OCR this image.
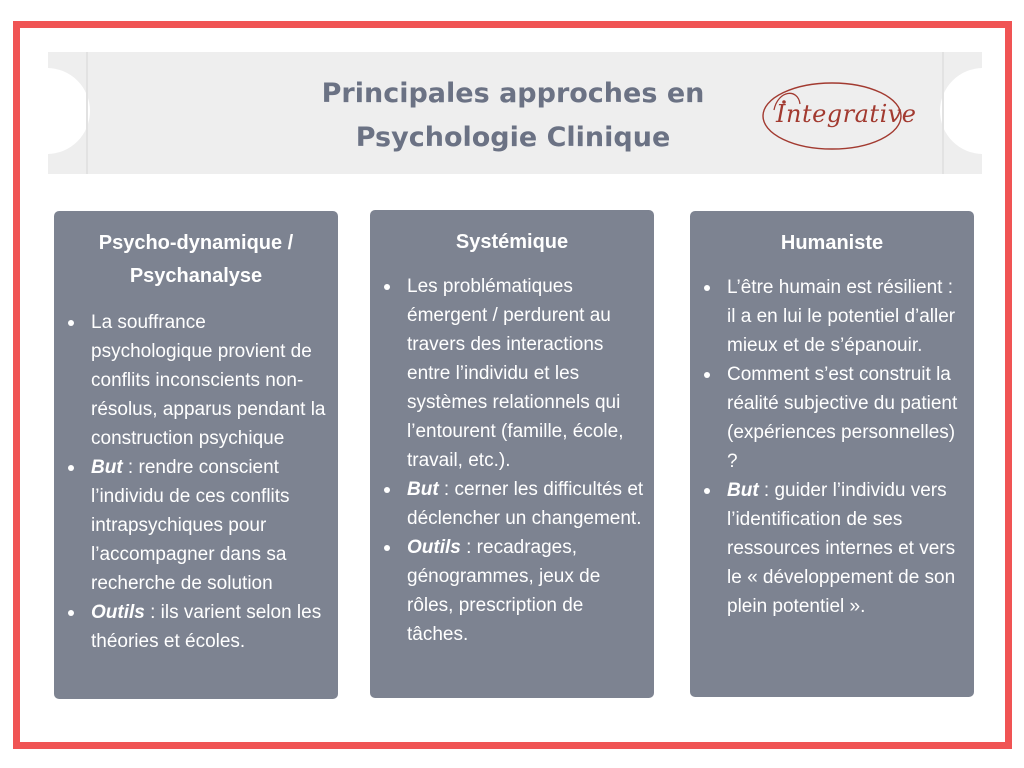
Principales approches en
Psychologie Clinique
Integrative
Psycho-dynamique /
Psychanalyse
La souffrance psychologique provient de conflits inconscients non-résolus, apparus pendant la construction psychique
But : rendre conscient l’individu de ces conflits intrapsychiques pour l’accompagner dans sa recherche de solution
Outils : ils varient selon les théories et écoles.
Systémique
Les problématiques émergent / perdurent au travers des interactions entre l’individu et les systèmes relationnels qui l’entourent (famille, école, travail, etc.).
But : cerner les difficultés et déclencher un changement.
Outils : recadrages, génogrammes, jeux de rôles, prescription de tâches.
Humaniste
L’être humain est résilient : il a en lui le potentiel d’aller mieux et de s’épanouir.
Comment s’est construit la réalité subjective du patient (expériences personnelles) ?
But : guider l’individu vers l’identification de ses ressources internes et vers le « développement de son plein potentiel ».
